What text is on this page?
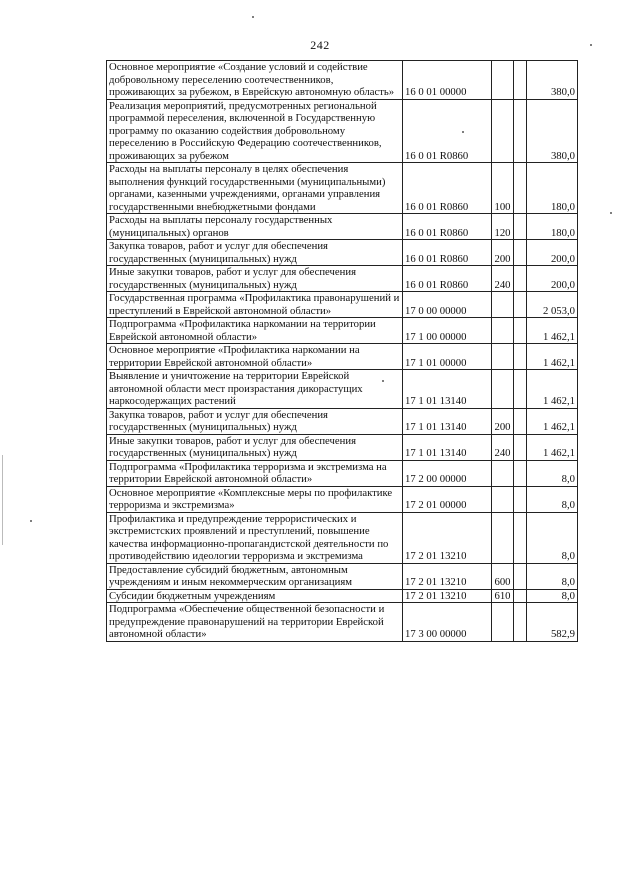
242
Основное мероприятие «Создание условий и содействие добровольному переселению соотечественников, проживающих за рубежом, в Еврейскую автономную область»	16 0 01 00000			380,0
Реализация мероприятий, предусмотренных региональной программой переселения, включенной в Государственную программу по оказанию содействия добровольному переселению в Российскую Федерацию соотечественников, проживающих за рубежом	16 0 01 R0860			380,0
Расходы на выплаты персоналу в целях обеспечения выполнения функций государственными (муниципальными) органами, казенными учреждениями, органами управления государственными внебюджетными фондами	16 0 01 R0860	100		180,0
Расходы на выплаты персоналу государственных (муниципальных) органов	16 0 01 R0860	120		180,0
Закупка товаров, работ и услуг для обеспечения государственных (муниципальных) нужд	16 0 01 R0860	200		200,0
Иные закупки товаров, работ и услуг для обеспечения государственных (муниципальных) нужд	16 0 01 R0860	240		200,0
Государственная программа «Профилактика правонарушений и преступлений в Еврейской автономной области»	17 0 00 00000			2 053,0
Подпрограмма «Профилактика наркомании на территории Еврейской автономной области»	17 1 00 00000			1 462,1
Основное мероприятие «Профилактика наркомании на территории Еврейской автономной области»	17 1 01 00000			1 462,1
Выявление и уничтожение на территории Еврейской автономной области мест произрастания дикорастущих наркосодержащих растений	17 1 01 13140			1 462,1
Закупка товаров, работ и услуг для обеспечения государственных (муниципальных) нужд	17 1 01 13140	200		1 462,1
Иные закупки товаров, работ и услуг для обеспечения государственных (муниципальных) нужд	17 1 01 13140	240		1 462,1
Подпрограмма «Профилактика терроризма и экстремизма на территории Еврейской автономной области»	17 2 00 00000			8,0
Основное мероприятие «Комплексные меры по профилактике терроризма и экстремизма»	17 2 01 00000			8,0
Профилактика и предупреждение террористических и экстремистских проявлений и преступлений, повышение качества информационно-пропагандистской деятельности по противодействию идеологии терроризма и экстремизма	17 2 01 13210			8,0
Предоставление субсидий бюджетным, автономным учреждениям и иным некоммерческим организациям	17 2 01 13210	600		8,0
Субсидии бюджетным учреждениям	17 2 01 13210	610		8,0
Подпрограмма «Обеспечение общественной безопасности и предупреждение правонарушений на территории Еврейской автономной области»	17 3 00 00000			582,9
